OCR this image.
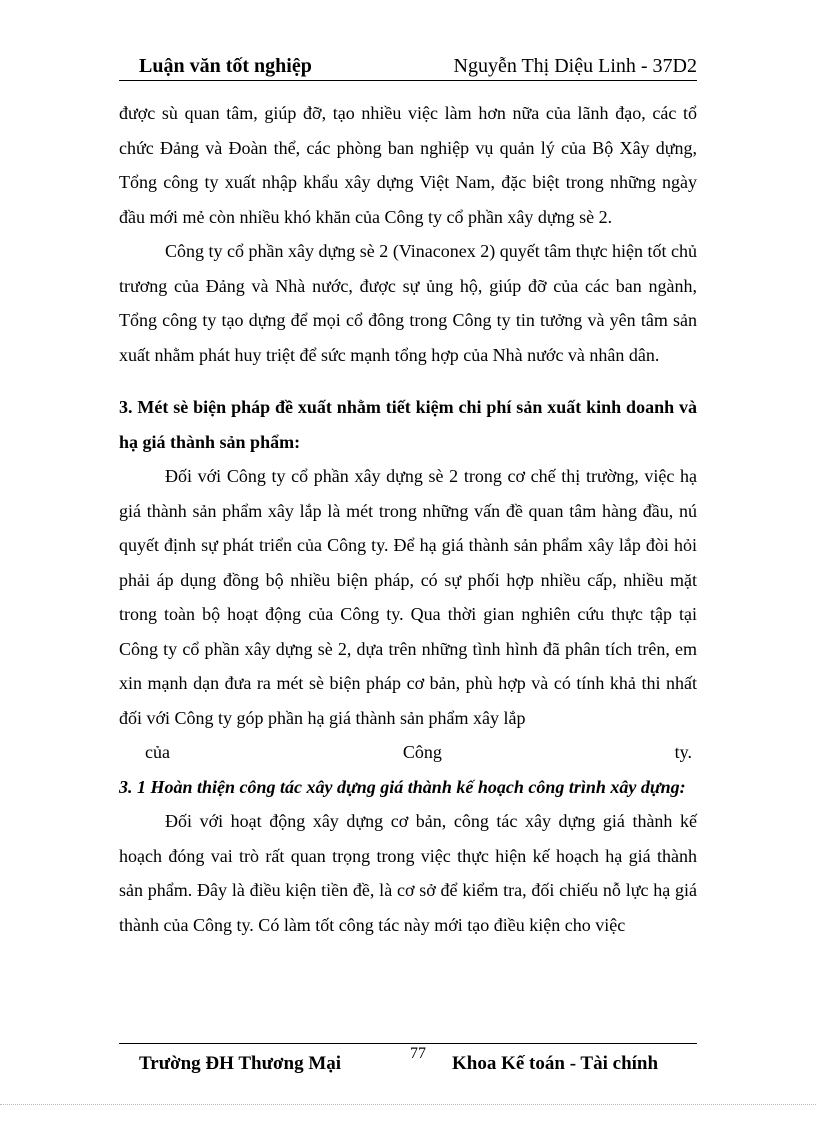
Luận văn tốt nghiệp	Nguyễn Thị Diệu Linh - 37D2

được sù quan tâm, giúp đỡ, tạo nhiều việc làm hơn nữa của lãnh đạo, các tổ chức Đảng và Đoàn thể, các phòng ban nghiệp vụ quản lý của Bộ Xây dựng, Tổng công ty xuất nhập khẩu xây dựng Việt Nam, đặc biệt trong những ngày đầu mới mẻ còn nhiều khó khăn của Công ty cổ phần xây dựng sè 2.

Công ty cổ phần xây dựng sè 2 (Vinaconex 2) quyết tâm thực hiện tốt chủ trương của Đảng và Nhà nước, được sự ủng hộ, giúp đỡ của các ban ngành, Tổng công ty tạo dựng để mọi cổ đông trong Công ty tin tưởng và yên tâm sản xuất nhằm phát huy triệt để sức mạnh tổng hợp của Nhà nước và nhân dân.

3. Mét sè biện pháp đề xuất nhằm tiết kiệm chi phí sản xuất kinh doanh và hạ giá thành sản phẩm:

Đối với Công ty cổ phần xây dựng sè 2 trong cơ chế thị trường, việc hạ giá thành sản phẩm xây lắp là mét trong những vấn đề quan tâm hàng đầu, nú quyết định sự phát triển của Công ty. Để hạ giá thành sản phẩm xây lắp đòi hỏi phải áp dụng đồng bộ nhiều biện pháp, có sự phối hợp nhiều cấp, nhiều mặt trong toàn bộ hoạt động của Công ty. Qua thời gian nghiên cứu thực tập tại Công ty cổ phần xây dựng sè 2, dựa trên những tình hình đã phân tích trên, em xin mạnh dạn đưa ra mét sè biện pháp cơ bản, phù hợp và có tính khả thi nhất đối với Công ty góp phần hạ giá thành sản phẩm xây lắp

của	Công	ty.

3. 1 Hoàn thiện công tác xây dựng giá thành kế hoạch công trình xây dựng:

Đối với hoạt động xây dựng cơ bản, công tác xây dựng giá thành kế hoạch đóng vai trò rất quan trọng trong việc thực hiện kế hoạch hạ giá thành sản phẩm. Đây là điều kiện tiền đề, là cơ sở để kiểm tra, đối chiếu nỗ lực hạ giá thành của Công ty. Có làm tốt công tác này mới tạo điều kiện cho việc

Trường ĐH Thương Mại	77 Khoa Kế toán - Tài chính
